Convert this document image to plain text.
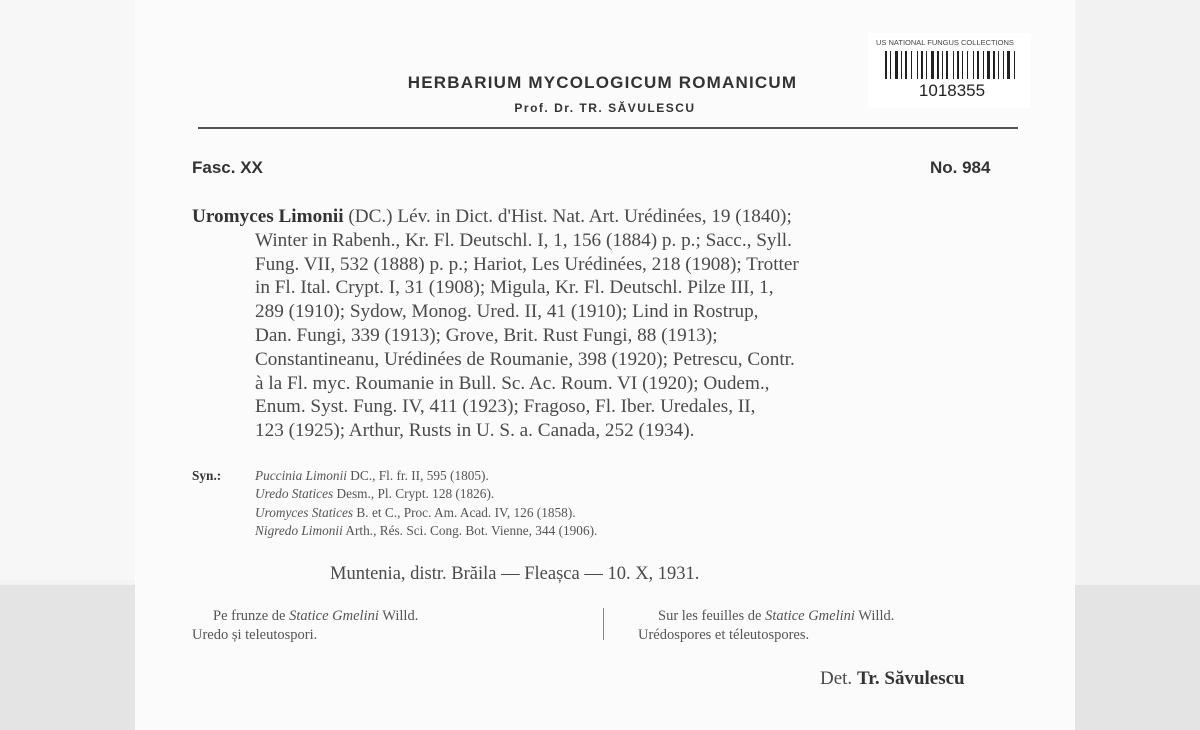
US NATIONAL FUNGUS COLLECTIONS
1018355
HERBARIUM MYCOLOGICUM ROMANICUM
Prof. Dr. TR. SĂVULESCU
Fasc. XX	No. 984
Uromyces Limonii (DC.) Lév. in Dict. d'Hist. Nat. Art. Urédinées, 19 (1840);
Winter in Rabenh., Kr. Fl. Deutschl. I, 1, 156 (1884) p. p.; Sacc., Syll.
Fung. VII, 532 (1888) p. p.; Hariot, Les Urédinées, 218 (1908); Trotter
in Fl. Ital. Crypt. I, 31 (1908); Migula, Kr. Fl. Deutschl. Pilze III, 1,
289 (1910); Sydow, Monog. Ured. II, 41 (1910); Lind in Rostrup,
Dan. Fungi, 339 (1913); Grove, Brit. Rust Fungi, 88 (1913);
Constantineanu, Urédinées de Roumanie, 398 (1920); Petrescu, Contr.
à la Fl. myc. Roumanie in Bull. Sc. Ac. Roum. VI (1920); Oudem.,
Enum. Syst. Fung. IV, 411 (1923); Fragoso, Fl. Iber. Uredales, II,
123 (1925); Arthur, Rusts in U. S. a. Canada, 252 (1934).
Syn.:	Puccinia Limonii DC., Fl. fr. II, 595 (1805).
Uredo Statices Desm., Pl. Crypt. 128 (1826).
Uromyces Statices B. et C., Proc. Am. Acad. IV, 126 (1858).
Nigredo Limonii Arth., Rés. Sci. Cong. Bot. Vienne, 344 (1906).
Muntenia, distr. Brăila — Fleașca — 10. X, 1931.
Pe frunze de Statice Gmelini Willd.
Uredo și teleutospori.
Sur les feuilles de Statice Gmelini Willd.
Urédospores et téleutospores.
Det. Tr. Săvulescu
